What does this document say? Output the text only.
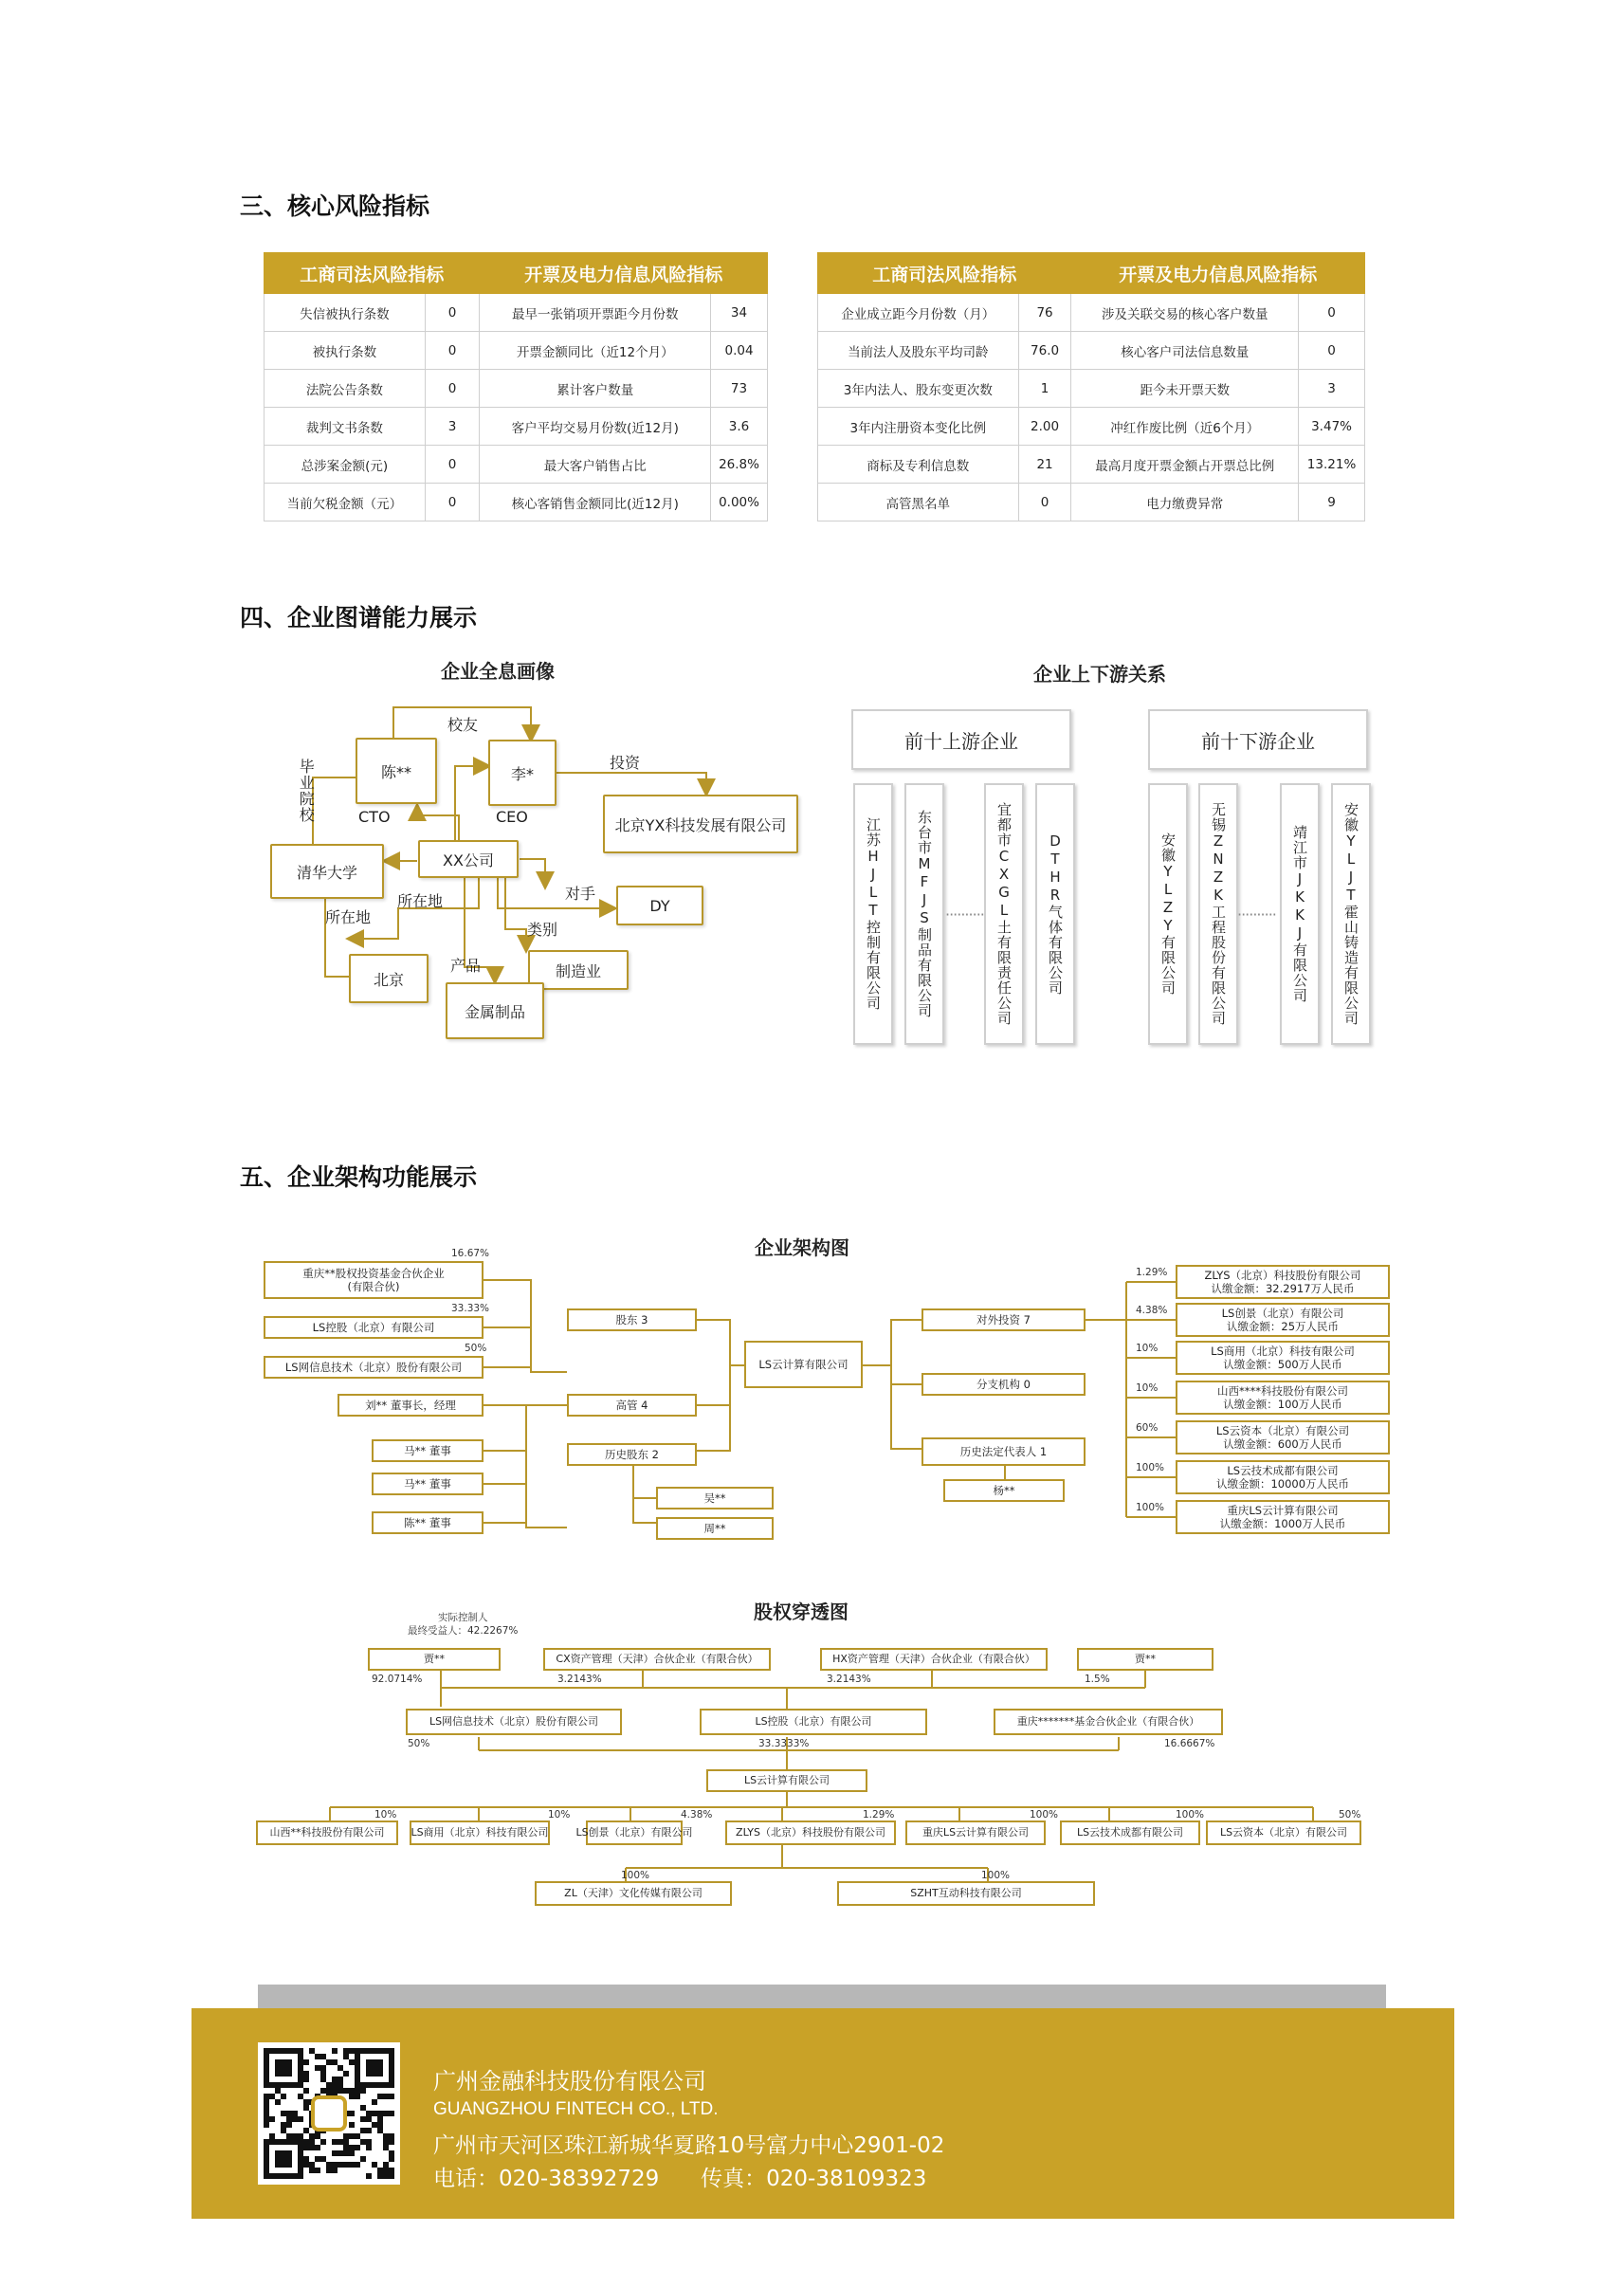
三、核心风险指标
四、企业图谱能力展示
五、企业架构功能展示
工商司法风险指标		开票及电力信息风险指标	
失信被执行条数	0	最早一张销项开票距今月份数	34
被执行条数	0	开票金额同比（近12个月）	0.04
法院公告条数	0	累计客户数量	73
裁判文书条数	3	客户平均交易月份数(近12月)	3.6
总涉案金额(元)	0	最大客户销售占比	26.8%
当前欠税金额（元）	0	核心客销售金额同比(近12月)	0.00%
工商司法风险指标		开票及电力信息风险指标	
企业成立距今月份数（月）	76	涉及关联交易的核心客户数量	0
当前法人及股东平均司龄	76.0	核心客户司法信息数量	0
3年内法人、股东变更次数	1	距今未开票天数	3
3年内注册资本变化比例	2.00	冲红作废比例（近6个月）	3.47%
商标及专利信息数	21	最高月度开票金额占开票总比例	13.21%
高管黑名单	0	电力缴费异常	9
企业全息画像
陈**	李*
北京YX科技发展有限公司
清华大学
XX公司
DY
制造业
北京
金属制品
校友
投资
CTO	CEO
毕业院校
所在地
所在地
对手
类别
产品
企业上下游关系
前十上游企业	前十下游企业
江苏HJLT控制有限公司 东台市MFJS制品有限公司	宜都市CXGL土有限责任公司 DTHR气体有限公司	安徽YLZY有限公司 无锡ZNZK工程股份有限公司	靖江市JKKJ有限公司 安徽YLJT霍山铸造有限公司
··········	··········
企业架构图
重庆**股权投资基金合伙企业
(有限合伙)
LS控股（北京）有限公司
LS网信息技术（北京）股份有限公司
16.67%
33.33%
50%
刘** 董事长，经理
马** 董事
马** 董事
陈** 董事
股东 3
高管 4
历史股东 2
吴**
周**
LS云计算有限公司
对外投资 7
分支机构 0
历史法定代表人 1
杨**
ZLYS（北京）科技股份有限公司
认缴金额：32.2917万人民币
1.29%
LS创景（北京）有限公司
认缴金额：25万人民币
4.38%
LS商用（北京）科技有限公司
认缴金额：500万人民币
10%
山西****科技股份有限公司
认缴金额：100万人民币
10%
LS云资本（北京）有限公司
认缴金额：600万人民币
60%
LS云技术成都有限公司
认缴金额：10000万人民币
100%
重庆LS云计算有限公司
认缴金额：1000万人民币
100%
股权穿透图
实际控制人
最终受益人：42.2267%
贾**
92.0714%
CX资产管理（天津）合伙企业（有限合伙）
3.2143%
HX资产管理（天津）合伙企业（有限合伙）
3.2143%
贾**
1.5%
LS网信息技术（北京）股份有限公司
50%
LS控股（北京）有限公司
33.3333%
重庆*******基金合伙企业（有限合伙）
16.6667%
LS云计算有限公司
山西**科技股份有限公司
10%
LS商用（北京）科技有限公司
10%
LS创景（北京）有限公司
4.38%
ZLYS（北京）科技股份有限公司
1.29%
重庆LS云计算有限公司
100%
LS云技术成都有限公司
100%
LS云资本（北京）有限公司
50%
ZL（天津）文化传媒有限公司	SZHT互动科技有限公司
100%	100%
广州金融科技股份有限公司
GUANGZHOU FINTECH CO., LTD.
广州市天河区珠江新城华夏路10号富力中心2901-02
电话：020-38392729      传真：020-38109323
